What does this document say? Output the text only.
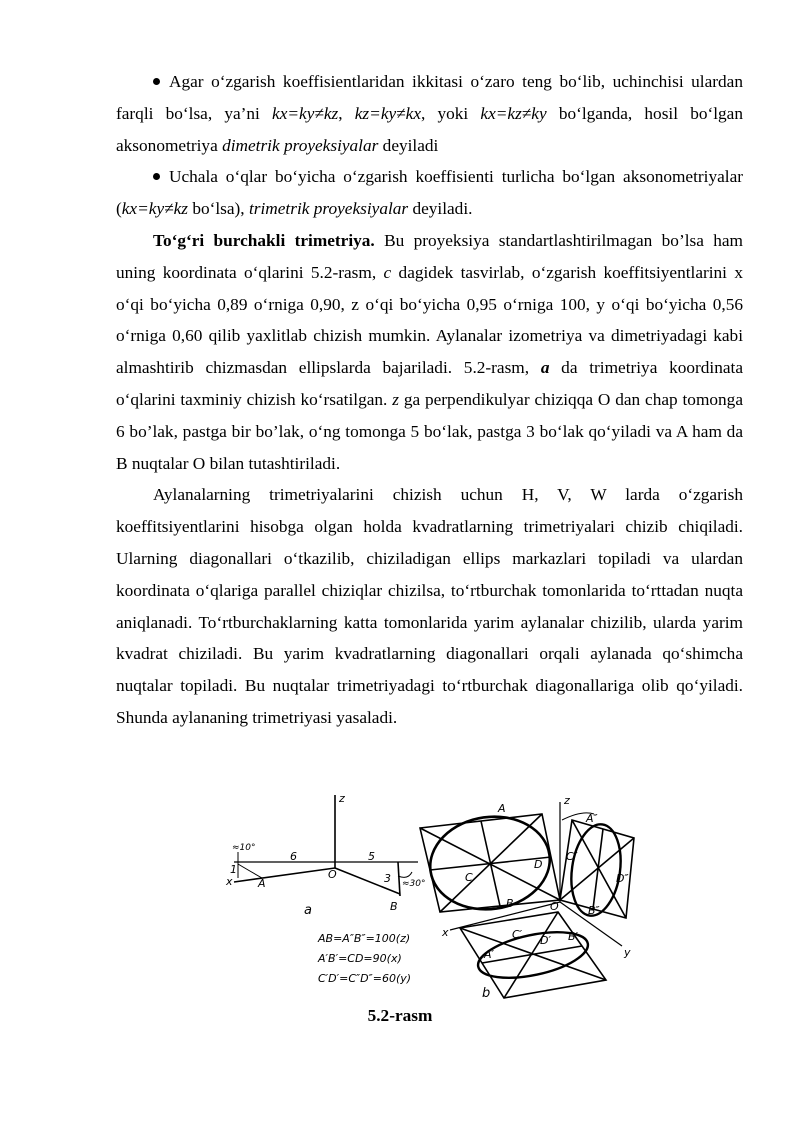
Agar o‘zgarish koeffisientlaridan ikkitasi o‘zaro teng bo‘lib, uchinchisi ulardan farqli bo‘lsa, ya’ni kx=ky≠kz, kz=ky≠kx, yoki kx=kz≠ky bo‘lganda, hosil bo‘lgan aksonometriya dimetrik proyeksiyalar deyiladi

Uchala o‘qlar bo‘yicha o‘zgarish koeffisienti turlicha bo‘lgan aksonometriyalar (kx=ky≠kz bo‘lsa), trimetrik proyeksiyalar deyiladi.

To‘g‘ri burchakli trimetriya. Bu proyeksiya standartlashtirilmagan bo’lsa ham uning koordinata o‘qlarini 5.2-rasm, c dagidek tasvirlab, o‘zgarish koeffitsiyentlarini x o‘qi bo‘yicha 0,89 o‘rniga 0,90, z o‘qi bo‘yicha 0,95 o‘rniga 100, y o‘qi bo‘yicha 0,56 o‘rniga 0,60 qilib yaxlitlab chizish mumkin. Aylanalar izometriya va dimetriyadagi kabi almashtirib chizmasdan ellipslarda bajariladi. 5.2-rasm, a da trimetriya koordinata o‘qlarini taxminiy chizish ko‘rsatilgan. z ga perpendikulyar chiziqqa O dan chap tomonga 6 bo’lak, pastga bir bo’lak, o‘ng tomonga 5 bo‘lak, pastga 3 bo‘lak qo‘yiladi va A ham da B nuqtalar O bilan tutashtiriladi.

Aylanalarning trimetriyalarini chizish uchun H, V, W larda o‘zgarish koeffitsiyentlarini hisobga olgan holda kvadratlarning trimetriyalari chizib chiqiladi. Ularning diagonallari o‘tkazilib, chiziladigan ellips markazlari topiladi va ulardan koordinata o‘qlariga parallel chiziqlar chizilsa, to‘rtburchak tomonlarida to‘rttadan nuqta aniqlanadi. To‘rtburchaklarning katta tomonlarida yarim aylanalar chizilib, ularda yarim kvadrat chiziladi. Bu yarim kvadratlarning diagonallari orqali aylanada qo‘shimcha nuqtalar topiladi. Bu nuqtalar trimetriyadagi to‘rtburchak diagonallariga olib qo‘yiladi. Shunda aylananing trimetriyasi yasaladi.

z
x A
O
B
6	5
3
1
≈10°
≈30°
a
b
A
C
D
B
z
A″
C″
D″
B″
O
x
y
A′
C′ D′ B′
AB=A″B″=100(z)
A′B′=CD=90(x)
C′D′=C″D″=60(y)
5.2-rasm
